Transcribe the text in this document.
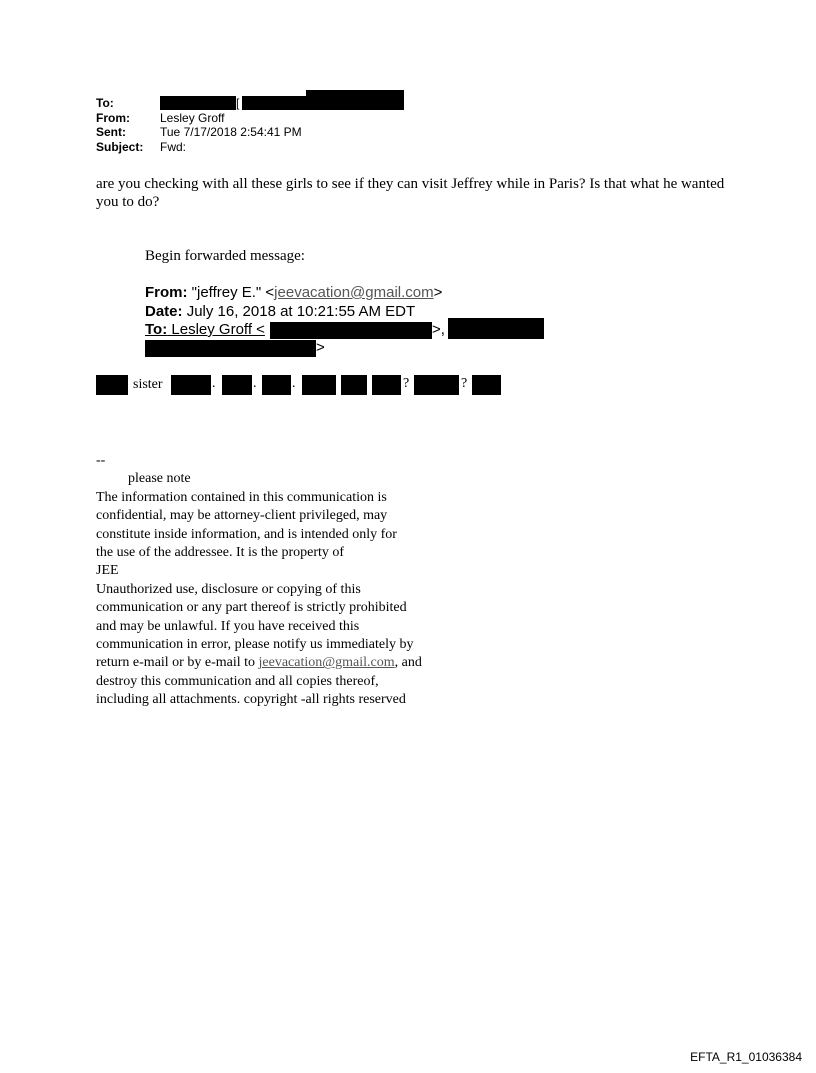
To:	[
From:	Lesley Groff
Sent:	Tue 7/17/2018 2:54:41 PM
Subject:	Fwd:
are you checking with all these girls to see if they can visit Jeffrey while in Paris? Is that what he wanted you to do?
Begin forwarded message:
From: "jeffrey E." <jeevacation@gmail.com>
Date: July 16, 2018 at 10:21:55 AM EDT
To: Lesley Groff <	>,
>
sister	.	.	.	?	?
--
please note
The information contained in this communication is
confidential, may be attorney-client privileged, may
constitute inside information, and is intended only for
the use of the addressee. It is the property of
JEE
Unauthorized use, disclosure or copying of this
communication or any part thereof is strictly prohibited
and may be unlawful. If you have received this
communication in error, please notify us immediately by
return e-mail or by e-mail to jeevacation@gmail.com, and
destroy this communication and all copies thereof,
including all attachments. copyright -all rights reserved
EFTA_R1_01036384
